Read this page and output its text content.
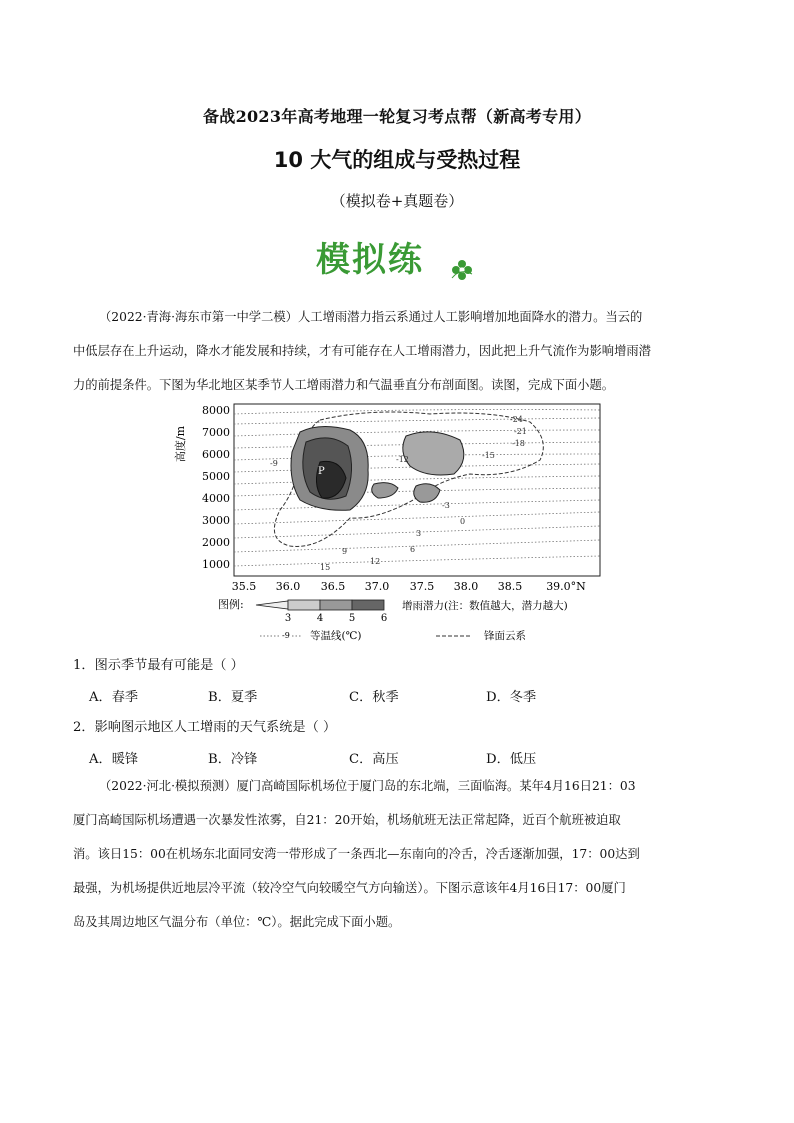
备战2023年高考地理一轮复习考点帮（新高考专用）
10 大气的组成与受热过程
（模拟卷+真题卷）
模拟练
（2022·青海·海东市第一中学二模）人工增雨潜力指云系通过人工影响增加地面降水的潜力。当云的
中低层存在上升运动，降水才能发展和持续，才有可能存在人工增雨潜力，因此把上升气流作为影响增雨潜
力的前提条件。下图为华北地区某季节人工增雨潜力和气温垂直分布剖面图。读图，完成下面小题。
高度/m
8000
7000
6000
5000
4000
3000
2000
1000
35.5 36.0 36.5 37.0 37.5 38.0 38.5 39.0°N
P
-24
-21
-18
-15
-12
-9
-3
0
3
6
9
12
15
图例:
3	4	5	6
增雨潜力(注：数值越大，潜力越大)
-9 等温线(℃)	锋面云系
1．图示季节最有可能是（ ）
A．春季	B．夏季	C．秋季	D．冬季
2．影响图示地区人工增雨的天气系统是（ ）
A．暖锋	B．冷锋	C．高压	D．低压
（2022·河北·模拟预测）厦门高崎国际机场位于厦门岛的东北端，三面临海。某年4月16日21：03
厦门高崎国际机场遭遇一次暴发性浓雾，自21：20开始，机场航班无法正常起降，近百个航班被迫取
消。该日15：00在机场东北面同安湾一带形成了一条西北—东南向的冷舌，冷舌逐渐加强，17：00达到
最强，为机场提供近地层冷平流（较冷空气向较暖空气方向输送）。下图示意该年4月16日17：00厦门
岛及其周边地区气温分布（单位：℃）。据此完成下面小题。
